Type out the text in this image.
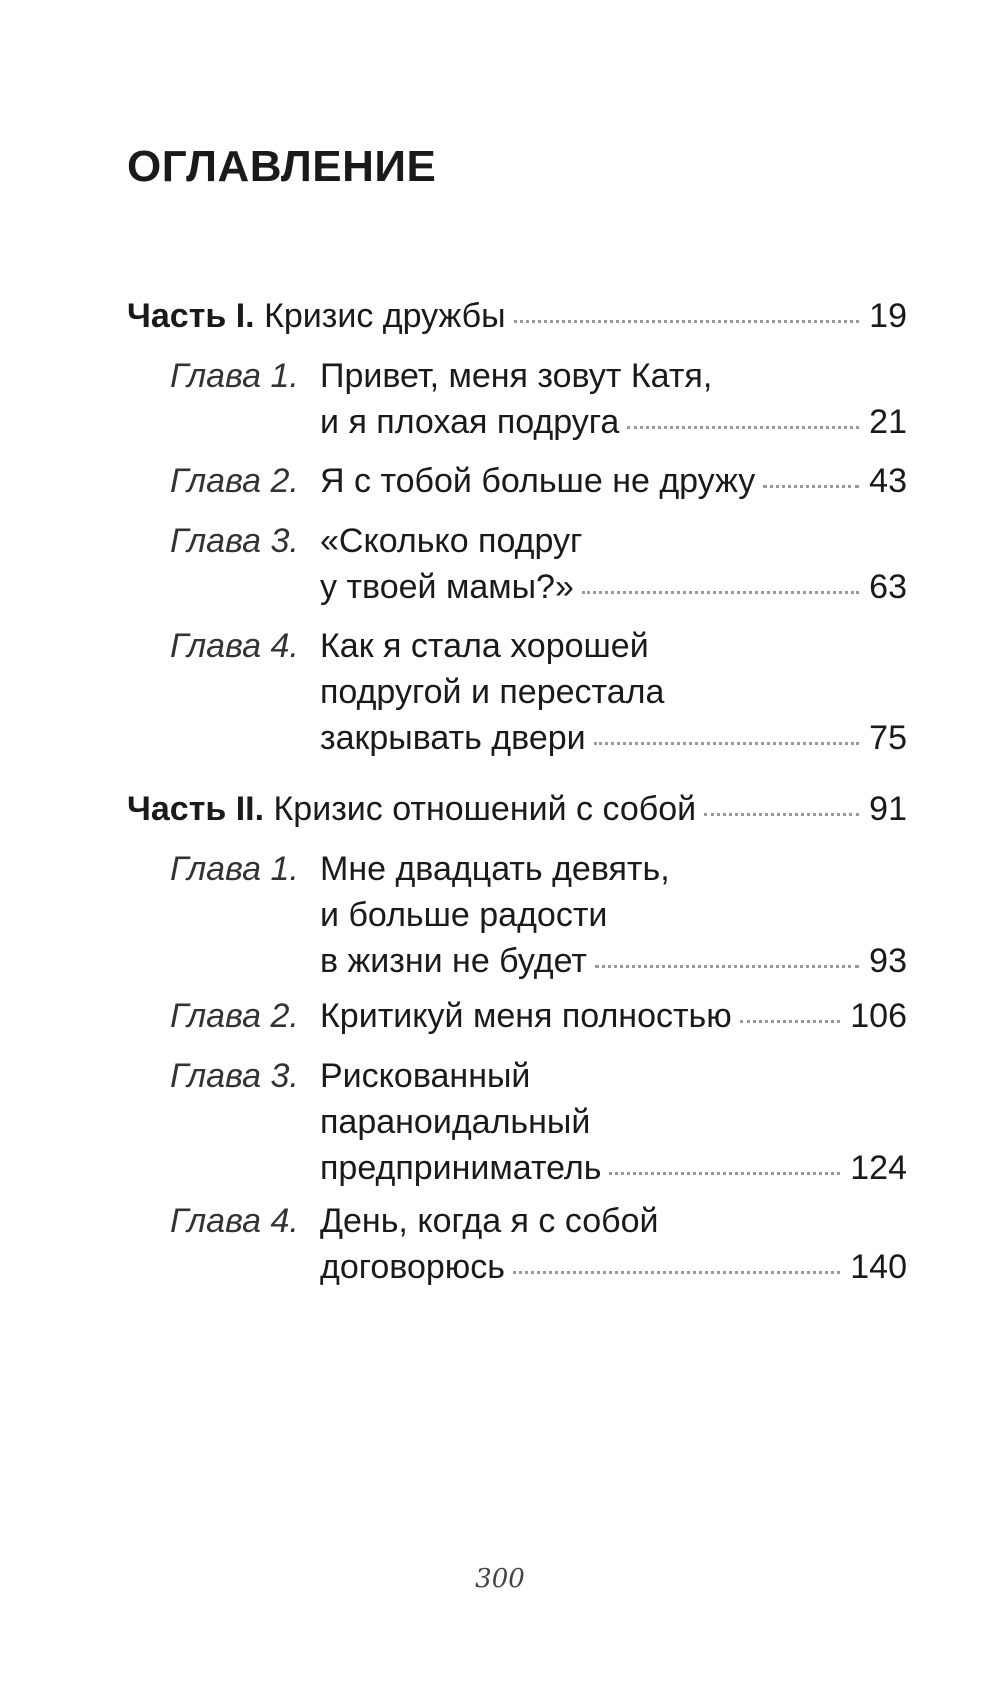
ОГЛАВЛЕНИЕ
Часть I. Кризис дружбы	19
Глава 1. Привет, меня зовут Катя,
и я плохая подруга	21
Глава 2. Я с тобой больше не дружу	43
Глава 3. «Сколько подруг
у твоей мамы?»	63
Глава 4. Как я стала хорошей
подругой и перестала
закрывать двери	75
Часть II. Кризис отношений с собой	91
Глава 1. Мне двадцать девять,
и больше радости
в жизни не будет	93
Глава 2. Критикуй меня полностью	106
Глава 3. Рискованный
параноидальный
предприниматель	124
Глава 4. День, когда я с собой
договорюсь	140
300
